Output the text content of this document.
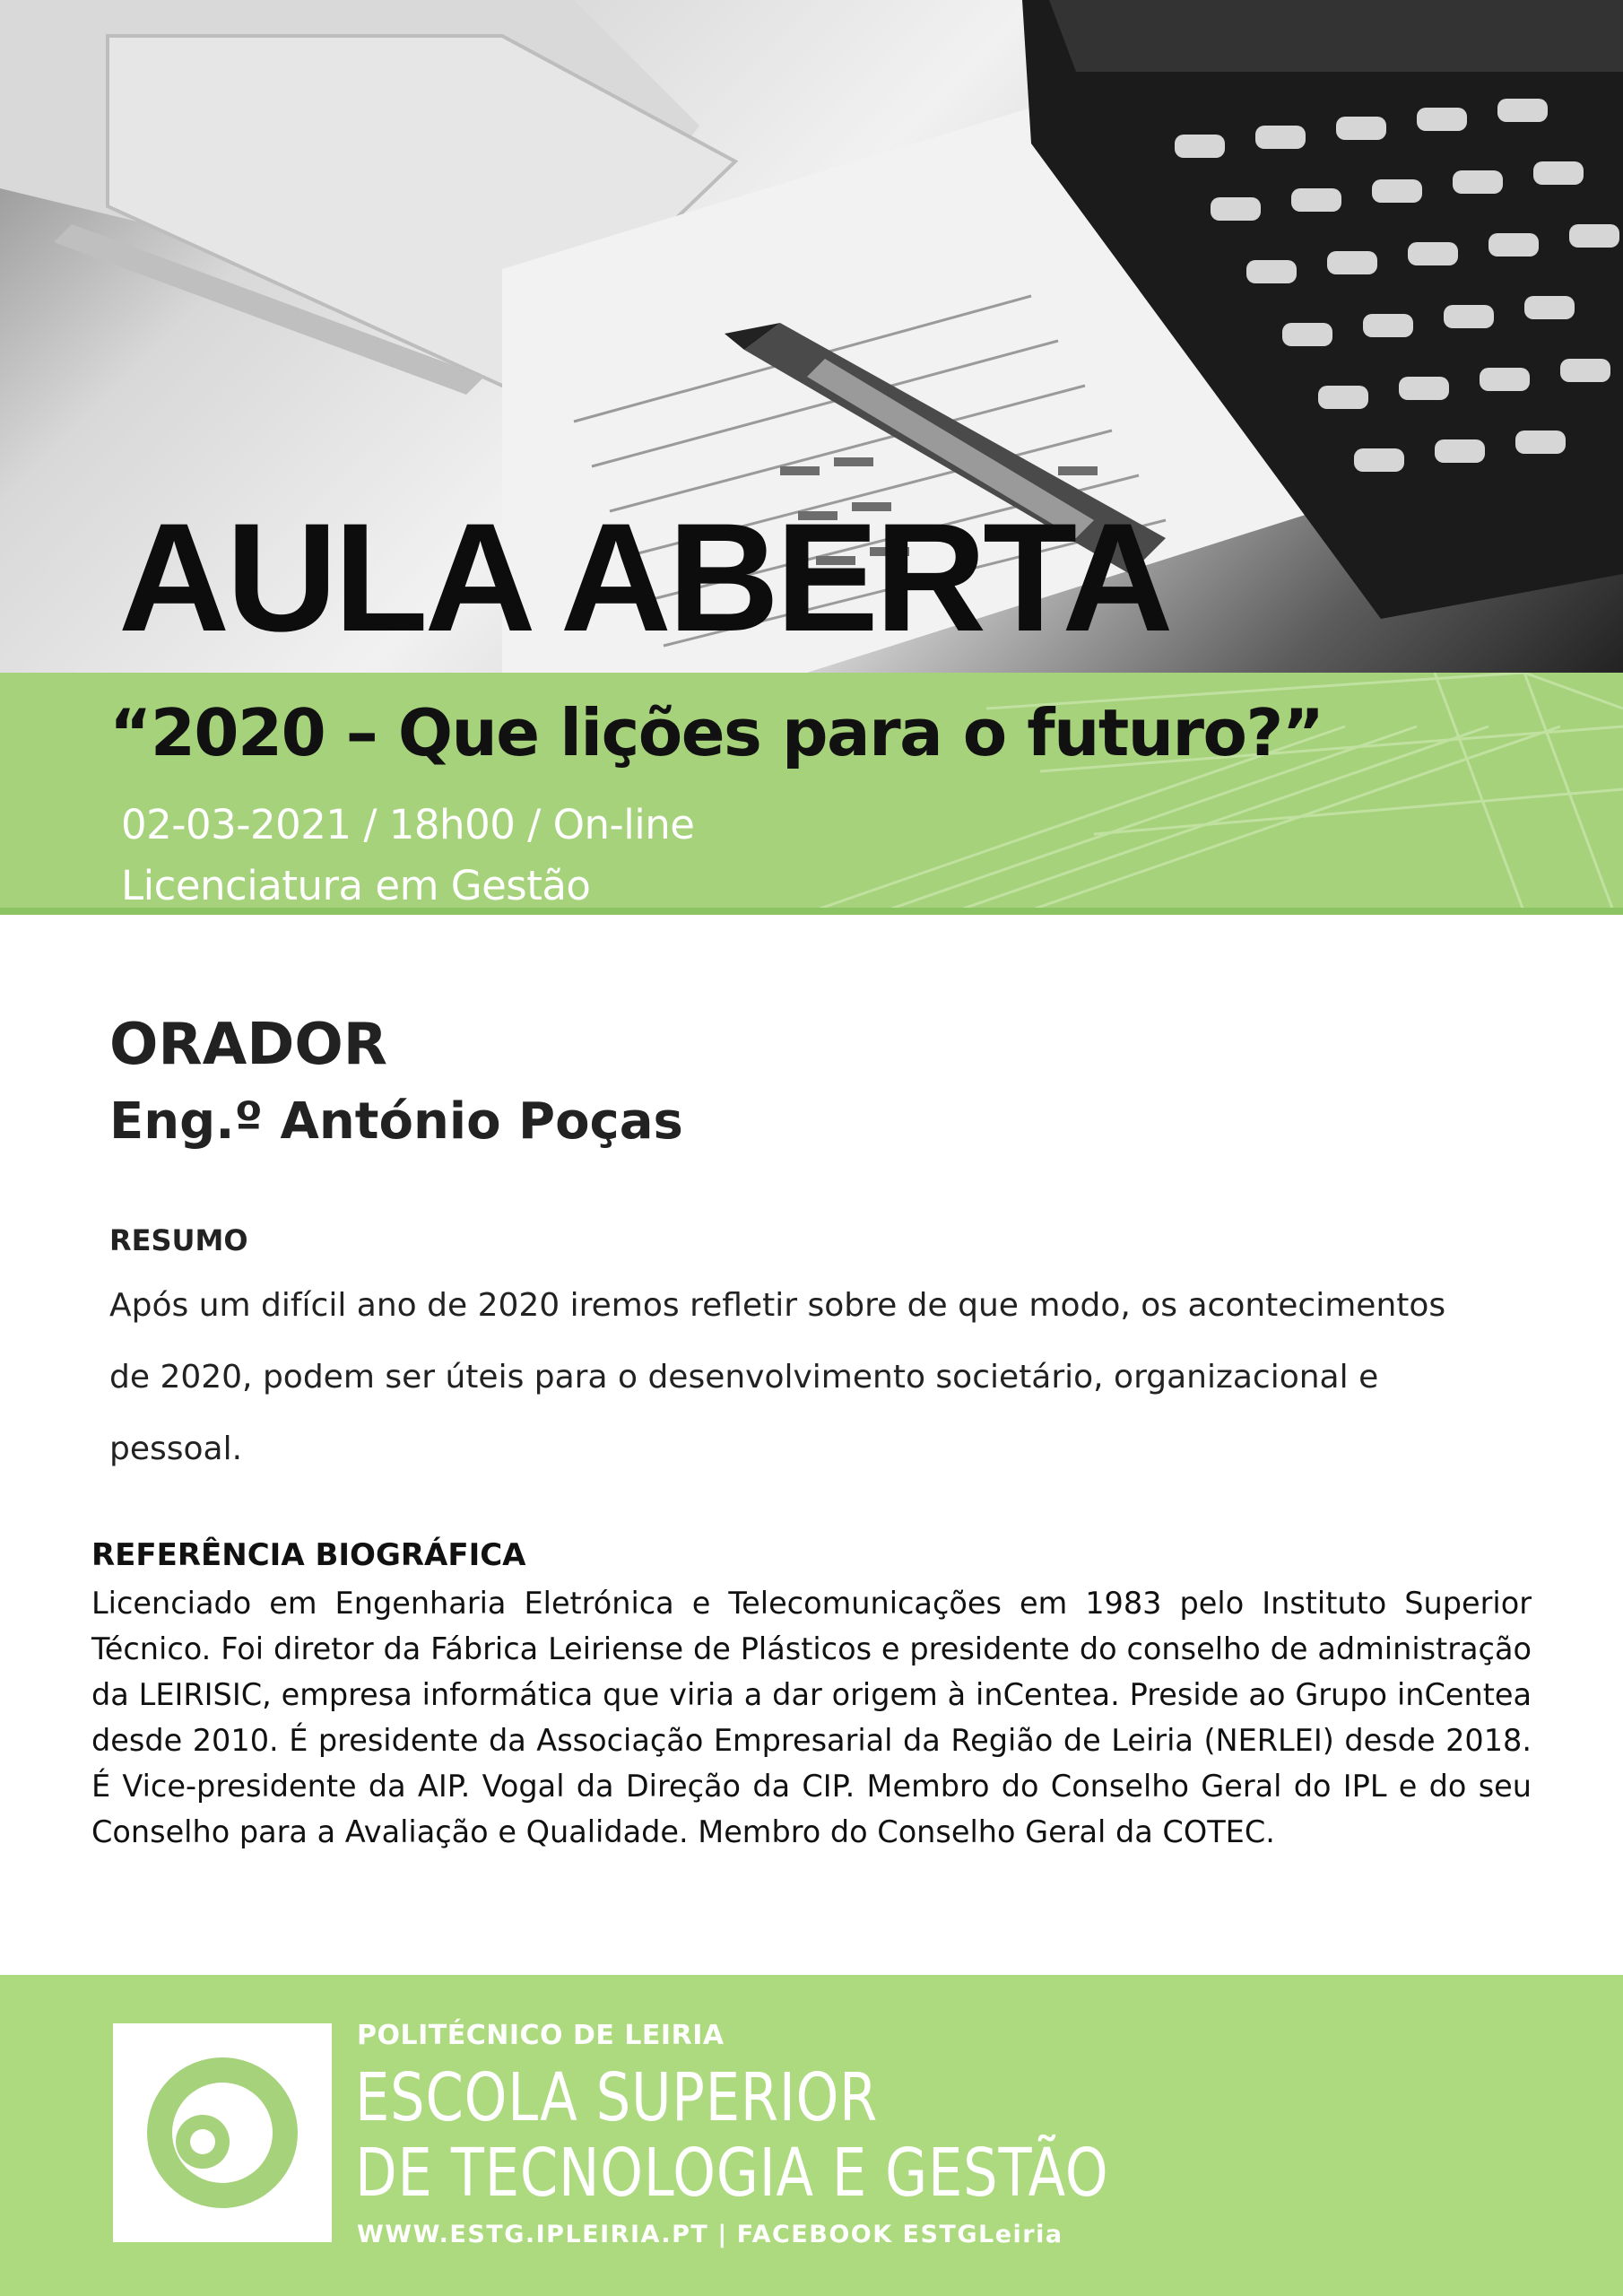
AULA ABERTA
“2020 – Que lições para o futuro?”
02-03-2021 / 18h00 / On-line
Licenciatura em Gestão
ORADOR
Eng.º António Poças
RESUMO

Após um difícil ano de 2020 iremos refletir sobre de que modo, os acontecimentos de 2020, podem ser úteis para o desenvolvimento societário, organizacional e pessoal.

REFERÊNCIA BIOGRÁFICA

Licenciado em Engenharia Eletrónica e Telecomunicações em 1983 pelo Instituto Superior Técnico. Foi diretor da Fábrica Leiriense de Plásticos e presidente do conselho de administração da LEIRISIC, empresa informática que viria a dar origem à inCentea. Preside ao Grupo inCentea desde 2010. É presidente da Associação Empresarial da Região de Leiria (NERLEI) desde 2018. É Vice-presidente da AIP. Vogal da Direção da CIP. Membro do Conselho Geral do IPL e do seu Conselho para a Avaliação e Qualidade. Membro do Conselho Geral da COTEC.

POLITÉCNICO DE LEIRIA
ESCOLA SUPERIOR
DE TECNOLOGIA E GESTÃO
WWW.ESTG.IPLEIRIA.PT | FACEBOOK ESTGLeiria
